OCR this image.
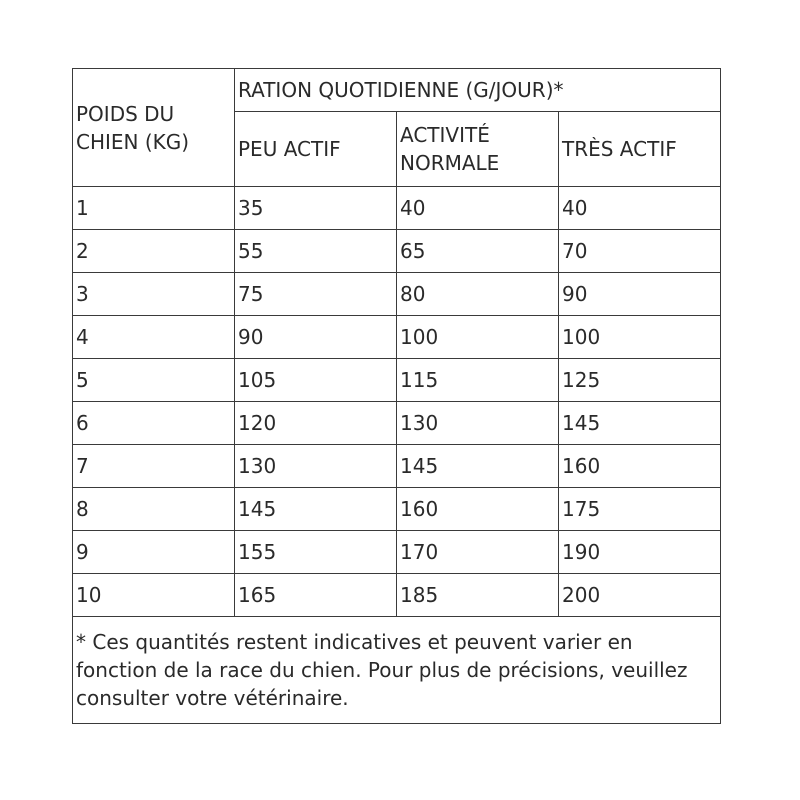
POIDS DU CHIEN (KG)	RATION QUOTIDIENNE (G/JOUR)*		
	PEU ACTIF	ACTIVITÉ NORMALE	TRÈS ACTIF
1	35	40	40
2	55	65	70
3	75	80	90
4	90	100	100
5	105	115	125
6	120	130	145
7	130	145	160
8	145	160	175
9	155	170	190
10	165	185	200
* Ces quantités restent indicatives et peuvent varier en fonction de la race du chien. Pour plus de précisions, veuillez consulter votre vétérinaire.			
